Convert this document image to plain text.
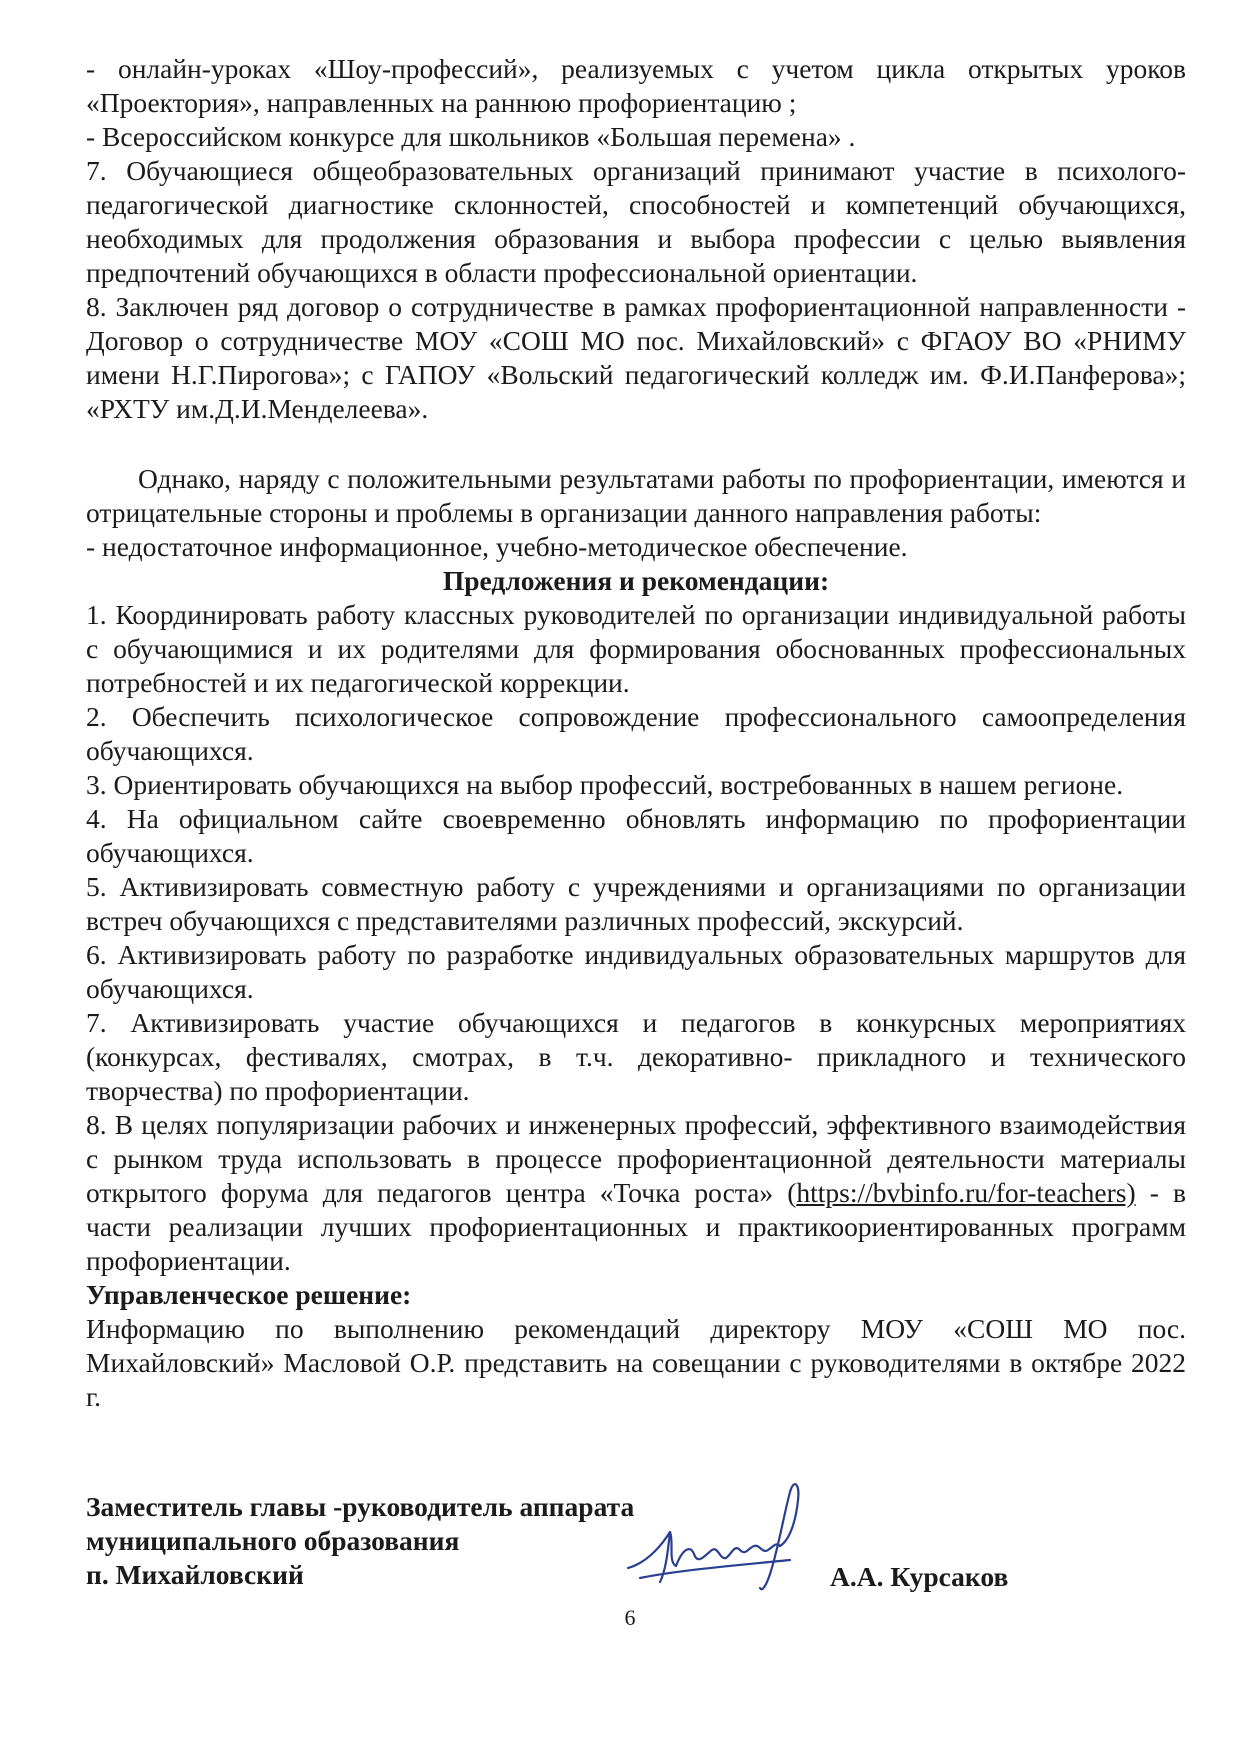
- онлайн-уроках «Шоу-профессий», реализуемых с учетом цикла открытых уроков «Проектория», направленных на раннюю профориентацию ;

- Всероссийском конкурсе для школьников «Большая перемена» .

7. Обучающиеся общеобразовательных организаций принимают участие в психолого-педагогической диагностике склонностей, способностей и компетенций обучающихся, необходимых для продолжения образования и выбора профессии с целью выявления предпочтений обучающихся в области профессиональной ориентации.

8. Заключен ряд договор о сотрудничестве в рамках профориентационной направленности - Договор о сотрудничестве МОУ «СОШ МО пос. Михайловский» с ФГАОУ ВО «РНИМУ имени Н.Г.Пирогова»; с ГАПОУ «Вольский педагогический колледж им. Ф.И.Панферова»; «РХТУ им.Д.И.Менделеева».

Однако, наряду с положительными результатами работы по профориентации, имеются и отрицательные стороны и проблемы в организации данного направления работы:

- недостаточное информационное, учебно-методическое обеспечение.

Предложения и рекомендации:

1. Координировать работу классных руководителей по организации индивидуальной работы с обучающимися и их родителями для формирования обоснованных профессиональных потребностей и их педагогической коррекции.

2. Обеспечить психологическое сопровождение профессионального самоопределения обучающихся.

3. Ориентировать обучающихся на выбор профессий, востребованных в нашем регионе.

4. На официальном сайте своевременно обновлять информацию по профориентации обучающихся.

5. Активизировать совместную работу с учреждениями и организациями по организации встреч обучающихся с представителями различных профессий, экскурсий.

6. Активизировать работу по разработке индивидуальных образовательных маршрутов для обучающихся.

7. Активизировать участие обучающихся и педагогов в конкурсных мероприятиях (конкурсах, фестивалях, смотрах, в т.ч. декоративно- прикладного и технического творчества) по профориентации.

8. В целях популяризации рабочих и инженерных профессий, эффективного взаимодействия с рынком труда использовать в процессе профориентационной деятельности материалы открытого форума для педагогов центра «Точка роста» (https://bvbinfo.ru/for-teachers) - в части реализации лучших профориентационных и практикоориентированных программ профориентации.

Управленческое решение:

Информацию по выполнению рекомендаций директору МОУ «СОШ МО пос. Михайловский» Масловой О.Р. представить на совещании с руководителями в октябре 2022 г.

Заместитель главы -руководитель аппарата
муниципального образования
п. Михайловский	А.А. Курсаков
6
